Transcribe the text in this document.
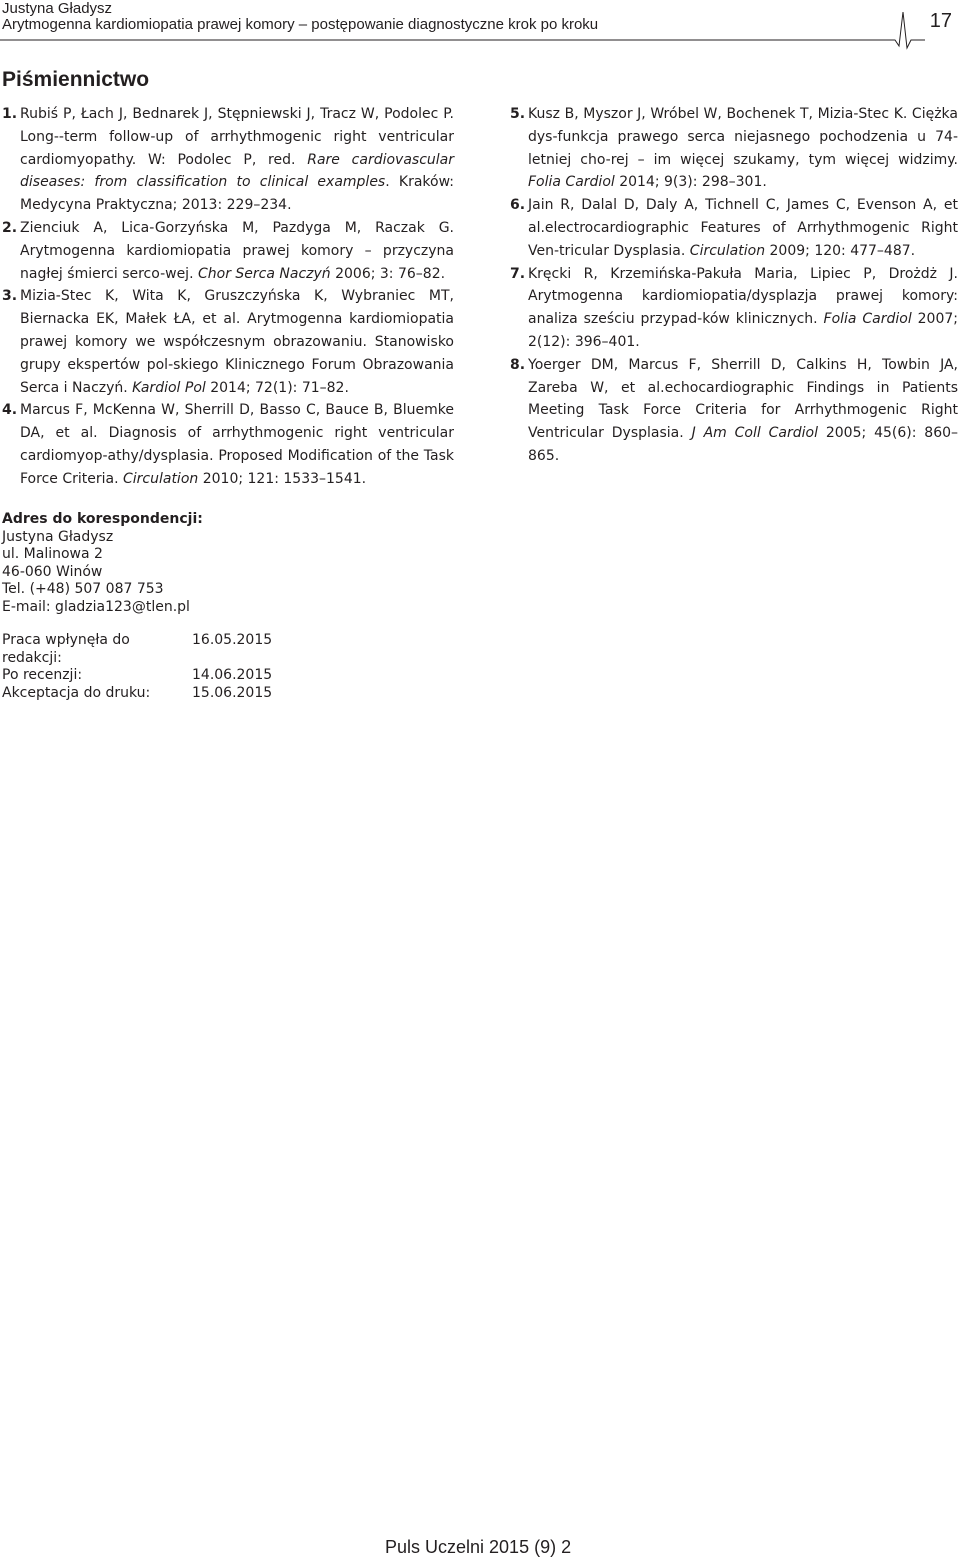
Justyna Gładysz
Arytmogenna kardiomiopatia prawej komory – postępowanie diagnostyczne krok po kroku	17
Piśmiennictwo

1. Rubiś P, Łach J, Bednarek J, Stępniewski J, Tracz W, Podolec P. Long--term follow-up of arrhythmogenic right ventricular cardiomyopathy. W: Podolec P, red. Rare cardiovascular diseases: from classification to clinical examples. Kraków: Medycyna Praktyczna; 2013: 229–234.

2. Zienciuk A, Lica-Gorzyńska M, Pazdyga M, Raczak G. Arytmogenna kardiomiopatia prawej komory – przyczyna nagłej śmierci serco-wej. Chor Serca Naczyń 2006; 3: 76–82.

3. Mizia-Stec K, Wita K, Gruszczyńska K, Wybraniec MT, Biernacka EK, Małek ŁA, et al. Arytmogenna kardiomiopatia prawej komory we współczesnym obrazowaniu. Stanowisko grupy ekspertów pol-skiego Klinicznego Forum Obrazowania Serca i Naczyń. Kardiol Pol 2014; 72(1): 71–82.

4. Marcus F, McKenna W, Sherrill D, Basso C, Bauce B, Bluemke DA, et al. Diagnosis of arrhythmogenic right ventricular cardiomyop-athy/dysplasia. Proposed Modification of the Task Force Criteria. Circulation 2010; 121: 1533–1541.

5. Kusz B, Myszor J, Wróbel W, Bochenek T, Mizia-Stec K. Ciężka dys-funkcja prawego serca niejasnego pochodzenia u 74-letniej cho-rej – im więcej szukamy, tym więcej widzimy. Folia Cardiol 2014; 9(3): 298–301.

6. Jain R, Dalal D, Daly A, Tichnell C, James C, Evenson A, et al.electrocardiographic Features of Arrhythmogenic Right Ven-tricular Dysplasia. Circulation 2009; 120: 477–487.

7. Kręcki R, Krzemińska-Pakuła Maria, Lipiec P, Drożdż J. Arytmogenna kardiomiopatia/dysplazja prawej komory: analiza sześciu przypad-ków klinicznych. Folia Cardiol 2007; 2(12): 396–401.

8. Yoerger DM, Marcus F, Sherrill D, Calkins H, Towbin JA, Zareba W, et al.echocardiographic Findings in Patients Meeting Task Force Criteria for Arrhythmogenic Right Ventricular Dysplasia. J Am Coll Cardiol 2005; 45(6): 860–865.

Adres do korespondencji:
Justyna Gładysz
ul. Malinowa 2
46-060 Winów
Tel. (+48) 507 087 753
E-mail: gladzia123@tlen.pl
Praca wpłynęła do redakcji:
16.05.2015
Po recenzji:	14.06.2015
Akceptacja do druku:	15.06.2015
Puls Uczelni 2015 (9) 2
